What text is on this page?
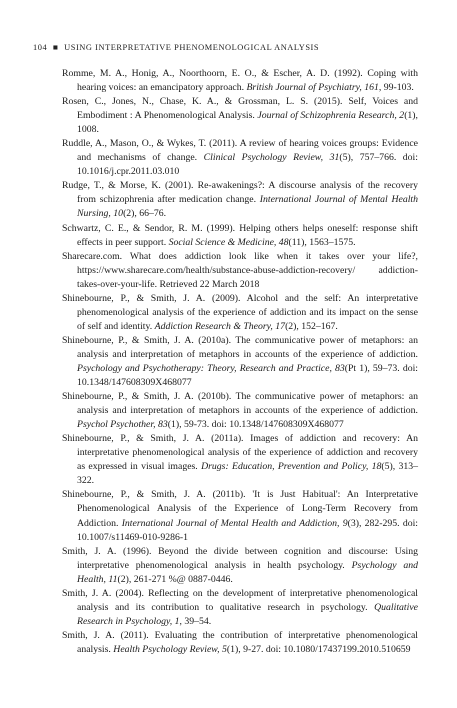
104 ■ USING INTERPRETATIVE PHENOMENOLOGICAL ANALYSIS

Romme, M. A., Honig, A., Noorthoorn, E. O., & Escher, A. D. (1992). Coping with hearing voices: an emancipatory approach. British Journal of Psychiatry, 161, 99-103.

Rosen, C., Jones, N., Chase, K. A., & Grossman, L. S. (2015). Self, Voices and Embodiment : A Phenomenological Analysis. Journal of Schizophrenia Research, 2(1), 1008.

Ruddle, A., Mason, O., & Wykes, T. (2011). A review of hearing voices groups: Evidence and mechanisms of change. Clinical Psychology Review, 31(5), 757–766. doi: 10.1016/j.cpr.2011.03.010

Rudge, T., & Morse, K. (2001). Re-awakenings?: A discourse analysis of the recovery from schizophrenia after medication change. International Journal of Mental Health Nursing, 10(2), 66–76.

Schwartz, C. E., & Sendor, R. M. (1999). Helping others helps oneself: response shift effects in peer support. Social Science & Medicine, 48(11), 1563–1575.

Sharecare.com. What does addiction look like when it takes over your life?, https://www.sharecare.com/health/substance-abuse-addiction-recovery/ addiction-takes-over-your-life. Retrieved 22 March 2018

Shinebourne, P., & Smith, J. A. (2009). Alcohol and the self: An interpretative phenomenological analysis of the experience of addiction and its impact on the sense of self and identity. Addiction Research & Theory, 17(2), 152–167.

Shinebourne, P., & Smith, J. A. (2010a). The communicative power of metaphors: an analysis and interpretation of metaphors in accounts of the experience of addiction. Psychology and Psychotherapy: Theory, Research and Practice, 83(Pt 1), 59–73. doi: 10.1348/147608309X468077

Shinebourne, P., & Smith, J. A. (2010b). The communicative power of metaphors: an analysis and interpretation of metaphors in accounts of the experience of addiction. Psychol Psychother, 83(1), 59-73. doi: 10.1348/147608309X468077

Shinebourne, P., & Smith, J. A. (2011a). Images of addiction and recovery: An interpretative phenomenological analysis of the experience of addiction and recovery as expressed in visual images. Drugs: Education, Prevention and Policy, 18(5), 313–322.

Shinebourne, P., & Smith, J. A. (2011b). 'It is Just Habitual': An Interpretative Phenomenological Analysis of the Experience of Long-Term Recovery from Addiction. International Journal of Mental Health and Addiction, 9(3), 282-295. doi: 10.1007/s11469-010-9286-1

Smith, J. A. (1996). Beyond the divide between cognition and discourse: Using interpretative phenomenological analysis in health psychology. Psychology and Health, 11(2), 261-271 %@ 0887-0446.

Smith, J. A. (2004). Reflecting on the development of interpretative phenomenological analysis and its contribution to qualitative research in psychology. Qualitative Research in Psychology, 1, 39–54.

Smith, J. A. (2011). Evaluating the contribution of interpretative phenomenological analysis. Health Psychology Review, 5(1), 9-27. doi: 10.1080/17437199.2010.510659
